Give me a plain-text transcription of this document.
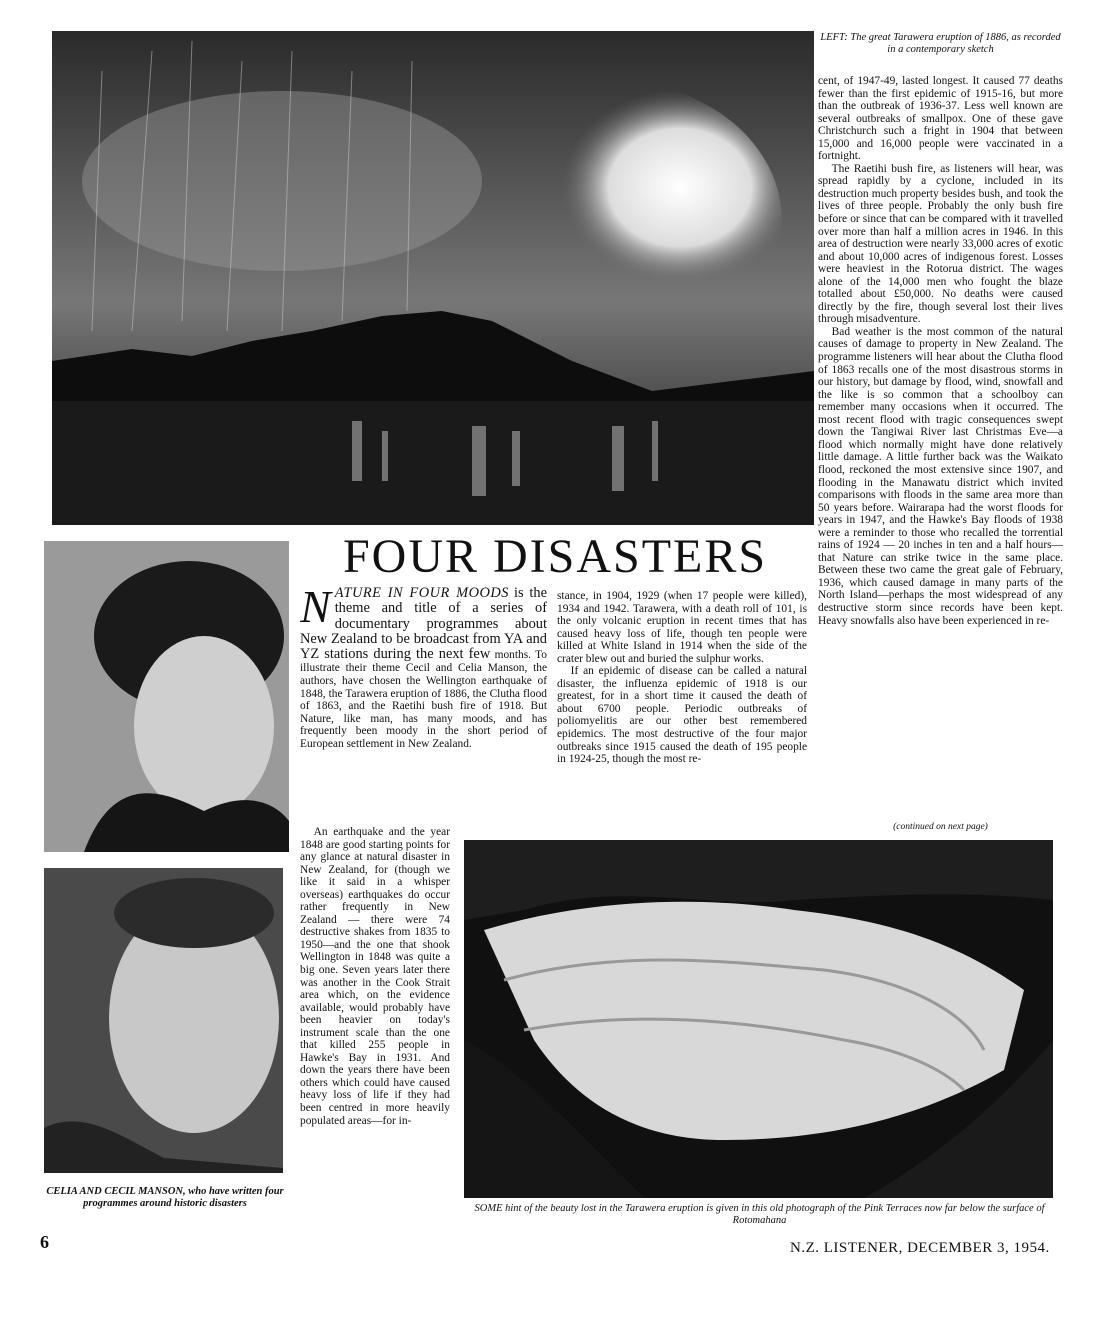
LEFT: The great Tarawera eruption of 1886, as recorded in a contemporary sketch

cent, of 1947-49, lasted longest. It caused 77 deaths fewer than the first epidemic of 1915-16, but more than the outbreak of 1936-37. Less well known are several outbreaks of smallpox. One of these gave Christchurch such a fright in 1904 that between 15,000 and 16,000 people were vaccinated in a fortnight.

The Raetihi bush fire, as listeners will hear, was spread rapidly by a cyclone, included in its destruction much property besides bush, and took the lives of three people. Probably the only bush fire before or since that can be compared with it travelled over more than half a million acres in 1946. In this area of destruction were nearly 33,000 acres of exotic and about 10,000 acres of indigenous forest. Losses were heaviest in the Rotorua district. The wages alone of the 14,000 men who fought the blaze totalled about £50,000. No deaths were caused directly by the fire, though several lost their lives through misadventure.

Bad weather is the most common of the natural causes of damage to property in New Zealand. The programme listeners will hear about the Clutha flood of 1863 recalls one of the most disastrous storms in our history, but damage by flood, wind, snowfall and the like is so common that a schoolboy can remember many occasions when it occurred. The most recent flood with tragic consequences swept down the Tangiwai River last Christmas Eve—a flood which normally might have done relatively little damage. A little further back was the Waikato flood, reckoned the most extensive since 1907, and flooding in the Manawatu district which invited comparisons with floods in the same area more than 50 years before. Wairarapa had the worst floods for years in 1947, and the Hawke's Bay floods of 1938 were a reminder to those who recalled the torrential rains of 1924 — 20 inches in ten and a half hours— that Nature can strike twice in the same place. Between these two came the great gale of February, 1936, which caused damage in many parts of the North Island—perhaps the most widespread of any destructive storm since records have been kept. Heavy snowfalls also have been experienced in re-

FOUR DISASTERS
CELIA AND CECIL MANSON, who have written four programmes around historic disasters

N ATURE IN FOUR MOODS is the theme and title of a series of documentary programmes about New Zealand to be broadcast from YA and YZ stations during the next few months. To illustrate their theme Cecil and Celia Manson, the authors, have chosen the Wellington earthquake of 1848, the Tarawera eruption of 1886, the Clutha flood of 1863, and the Raetihi bush fire of 1918. But Nature, like man, has many moods, and has frequently been moody in the short period of European settlement in New Zealand.

An earthquake and the year 1848 are good starting points for any glance at natural disaster in New Zealand, for (though we like it said in a whisper overseas) earthquakes do occur rather frequently in New Zealand — there were 74 destructive shakes from 1835 to 1950—and the one that shook Wellington in 1848 was quite a big one. Seven years later there was another in the Cook Strait area which, on the evidence available, would probably have been heavier on today's instrument scale than the one that killed 255 people in Hawke's Bay in 1931. And down the years there have been others which could have caused heavy loss of life if they had been centred in more heavily populated areas—for in-

stance, in 1904, 1929 (when 17 people were killed), 1934 and 1942. Tarawera, with a death roll of 101, is the only volcanic eruption in recent times that has caused heavy loss of life, though ten people were killed at White Island in 1914 when the side of the crater blew out and buried the sulphur works.

If an epidemic of disease can be called a natural disaster, the influenza epidemic of 1918 is our greatest, for in a short time it caused the death of about 6700 people. Periodic outbreaks of poliomyelitis are our other best remembered epidemics. The most destructive of the four major outbreaks since 1915 caused the death of 195 people in 1924-25, though the most re-

(continued on next page)
SOME hint of the beauty lost in the Tarawera eruption is given in this old photograph of the Pink Terraces now far below the surface of Rotomahana
6	N.Z. LISTENER, DECEMBER 3, 1954.
